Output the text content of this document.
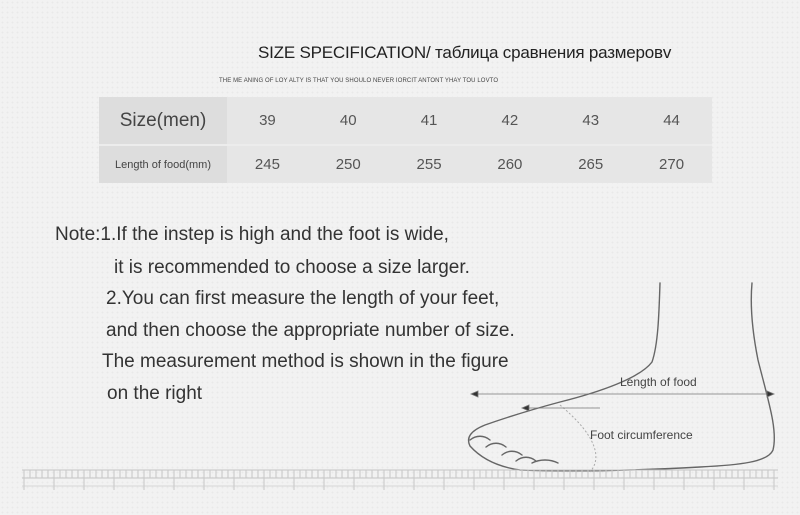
SIZE SPECIFICATION/ таблица сравнения размеровv
THE ME ANING OF LOY ALTY IS THAT YOU SHOULO NEVER IORCIT ANTONT YHAY TOU LOVTO
Size(men)	39	40	41	42	43	44
Length of food(mm)	245	250	255	260	265	270
Note:1.If the instep is high and the foot is wide,
it is recommended to choose a size larger.
2.You can first measure the length of your feet,
and then choose the appropriate number of size.
The measurement method is shown in the figure
on the right
Length of food
Foot circumference
